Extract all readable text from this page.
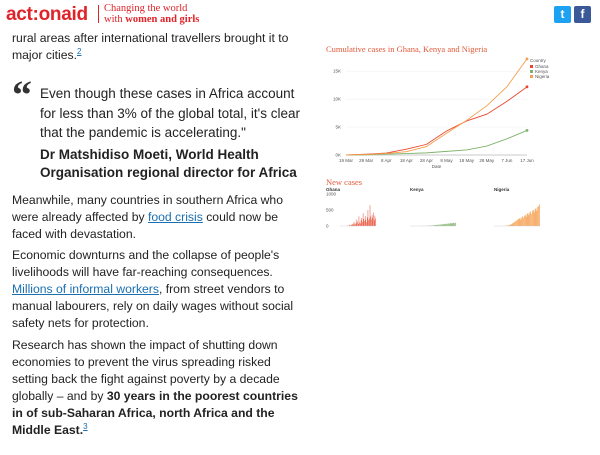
act:onaid Changing the world
with women and girls	t	f
rural areas after international travellers brought it to major cities.$^2$
“ Even though these cases in Africa account for less than 3% of the global total, it's clear that the pandemic is accelerating."
Dr Matshidiso Moeti, World Health Organisation regional director for Africa
Meanwhile, many countries in southern Africa who were already affected by food crisis could now be faced with devastation.
Economic downturns and the collapse of people's livelihoods will have far-reaching consequences. Millions of informal workers, from street vendors to manual labourers, rely on daily wages without social safety nets for protection.
Research has shown the impact of shutting down economies to prevent the virus spreading risked setting back the fight against poverty by a decade globally – and by 30 years in the poorest countries in of sub-Saharan Africa, north Africa and the Middle East.$^3$
Cumulative cases in Ghana, Kenya and Nigeria
0K
5K
10K
15K
19 Mar 29 Mar 8 Apr 18 Apr 28 Apr 8 May 18 May 28 May 7 Jun 17 Jun
Date
Country
Ghana
Kenya
Nigeria
New cases
Ghana
0
500
1000
Kenya	Nigeria
